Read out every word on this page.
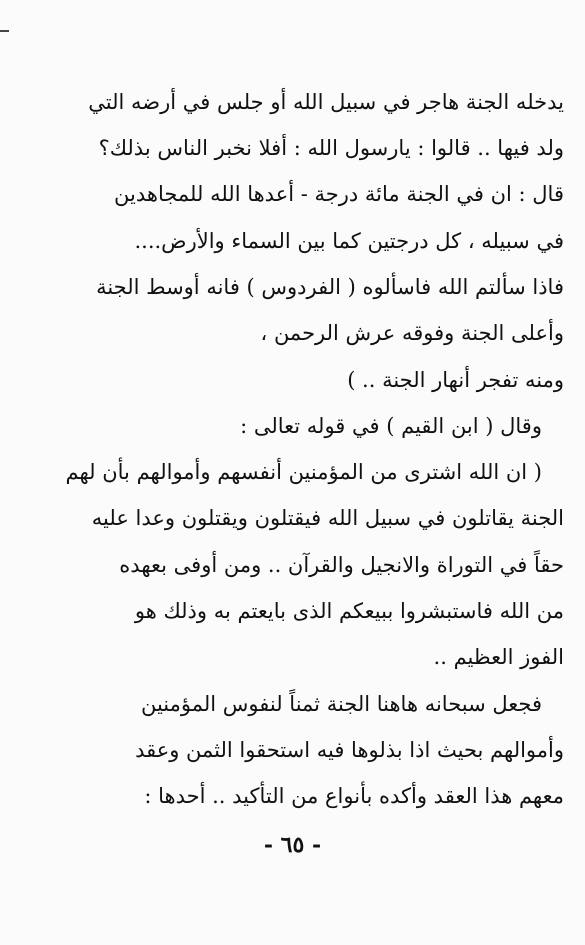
يدخله الجنة هاجر في سبيل الله أو جلس في أرضه التي
ولد فيها .. قالوا : يارسول الله : أفلا نخبر الناس بذلك؟
قال : ان في الجنة مائة درجة - أعدها الله للمجاهدين
في سبيله ، كل درجتين كما بين السماء والأرض....
فاذا سألتم الله فاسألوه ( الفردوس ) فانه أوسط الجنة
وأعلى الجنة وفوقه عرش الرحمن ،
ومنه تفجر أنهار الجنة .. )
وقال ( ابن القيم ) في قوله تعالى :
( ان الله اشترى من المؤمنين أنفسهم وأموالهم بأن لهم
الجنة يقاتلون في سبيل الله فيقتلون ويقتلون وعدا عليه
حقاً في التوراة والانجيل والقرآن .. ومن أوفى بعهده
من الله فاستبشروا ببيعكم الذى بايعتم به وذلك هو
الفوز العظيم ..
فجعل سبحانه هاهنا الجنة ثمناً لنفوس المؤمنين
وأموالهم بحيث اذا بذلوها فيه استحقوا الثمن وعقد
معهم هذا العقد وأكده بأنواع من التأكيد .. أحدها :
- ٦٥ -
